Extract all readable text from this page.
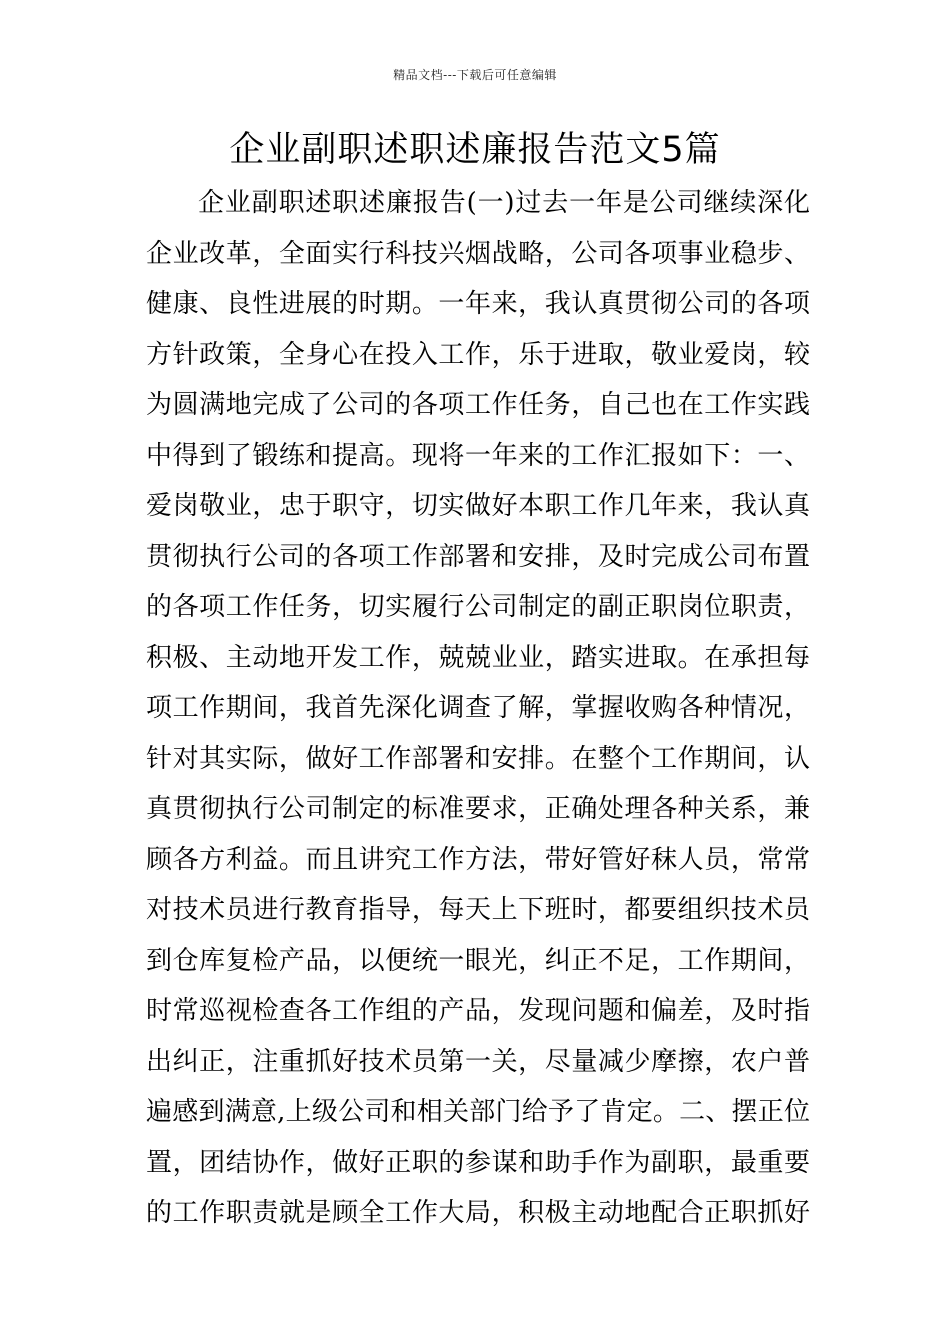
精品文档---下载后可任意编辑
企业副职述职述廉报告范文5篇
企业副职述职述廉报告(一)过去一年是公司继续深化
企业改革，全面实行科技兴烟战略，公司各项事业稳步、
健康、良性进展的时期。一年来，我认真贯彻公司的各项
方针政策，全身心在投入工作，乐于进取，敬业爱岗，较
为圆满地完成了公司的各项工作任务，自己也在工作实践
中得到了锻练和提高。现将一年来的工作汇报如下：一、
爱岗敬业，忠于职守，切实做好本职工作几年来，我认真
贯彻执行公司的各项工作部署和安排，及时完成公司布置
的各项工作任务，切实履行公司制定的副正职岗位职责，
积极、主动地开发工作，兢兢业业，踏实进取。在承担每
项工作期间，我首先深化调查了解，掌握收购各种情况，
针对其实际，做好工作部署和安排。在整个工作期间，认
真贯彻执行公司制定的标准要求，正确处理各种关系，兼
顾各方利益。而且讲究工作方法，带好管好秣人员，常常
对技术员进行教育指导，每天上下班时，都要组织技术员
到仓库复检产品，以便统一眼光，纠正不足，工作期间，
时常巡视检查各工作组的产品，发现问题和偏差，及时指
出纠正，注重抓好技术员第一关，尽量减少摩擦，农户普
遍感到满意,上级公司和相关部门给予了肯定。二、摆正位
置，团结协作，做好正职的参谋和助手作为副职，最重要
的工作职责就是顾全工作大局，积极主动地配合正职抓好
